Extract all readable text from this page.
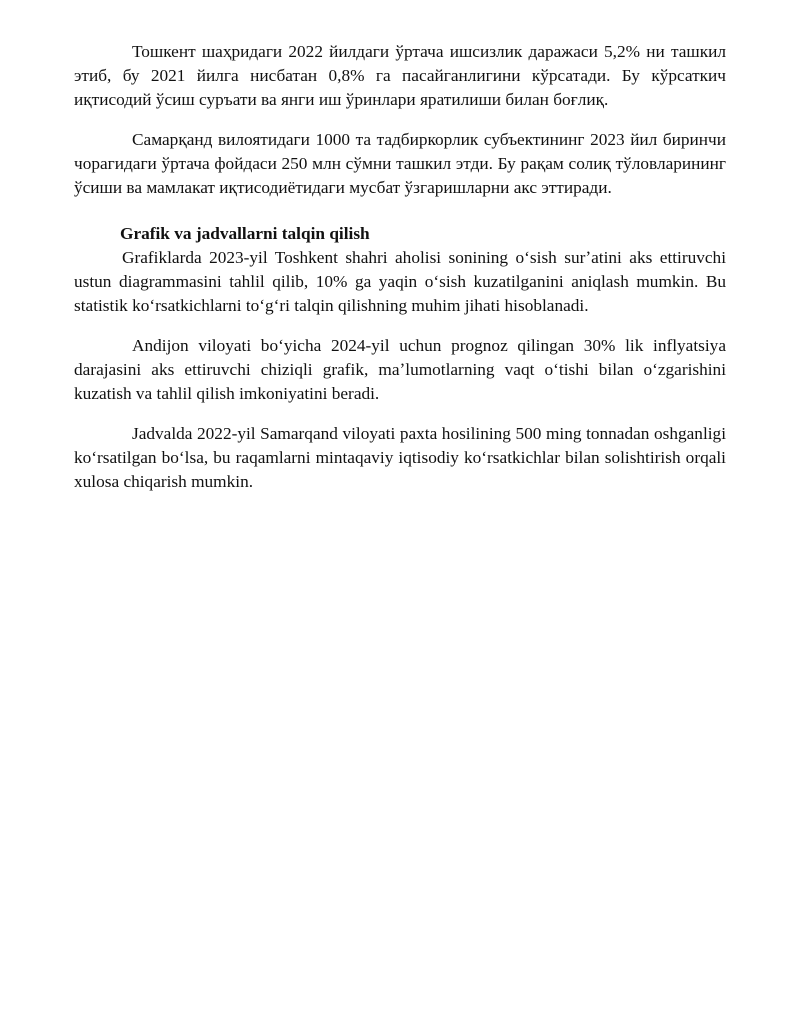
Тошкент шаҳридаги 2022 йилдаги ўртача ишсизлик даражаси 5,2% ни ташкил этиб, бу 2021 йилга нисбатан 0,8% га пасайганлигини кўрсатади. Бу кўрсаткич иқтисодий ўсиш суръати ва янги иш ўринлари яратилиши билан боғлиқ.

Самарқанд вилоятидаги 1000 та тадбиркорлик субъектининг 2023 йил биринчи чорагидаги ўртача фойдаси 250 млн сўмни ташкил этди. Бу рақам солиқ тўловларининг ўсиши ва мамлакат иқтисодиётидаги мусбат ўзгаришларни акс эттиради.

Grafik va jadvallarni talqin qilish

Grafiklarda 2023-yil Toshkent shahri aholisi sonining oʻsish surʼatini aks ettiruvchi ustun diagrammasini tahlil qilib, 10% ga yaqin oʻsish kuzatilganini aniqlash mumkin. Bu statistik koʻrsatkichlarni toʻgʻri talqin qilishning muhim jihati hisoblanadi.

Andijon viloyati boʻyicha 2024-yil uchun prognoz qilingan 30% lik inflyatsiya darajasini aks ettiruvchi chiziqli grafik, maʼlumotlarning vaqt oʻtishi bilan oʻzgarishini kuzatish va tahlil qilish imkoniyatini beradi.

Jadvalda 2022-yil Samarqand viloyati paxta hosilining 500 ming tonnadan oshganligi koʻrsatilgan boʻlsa, bu raqamlarni mintaqaviy iqtisodiy koʻrsatkichlar bilan solishtirish orqali xulosa chiqarish mumkin.
